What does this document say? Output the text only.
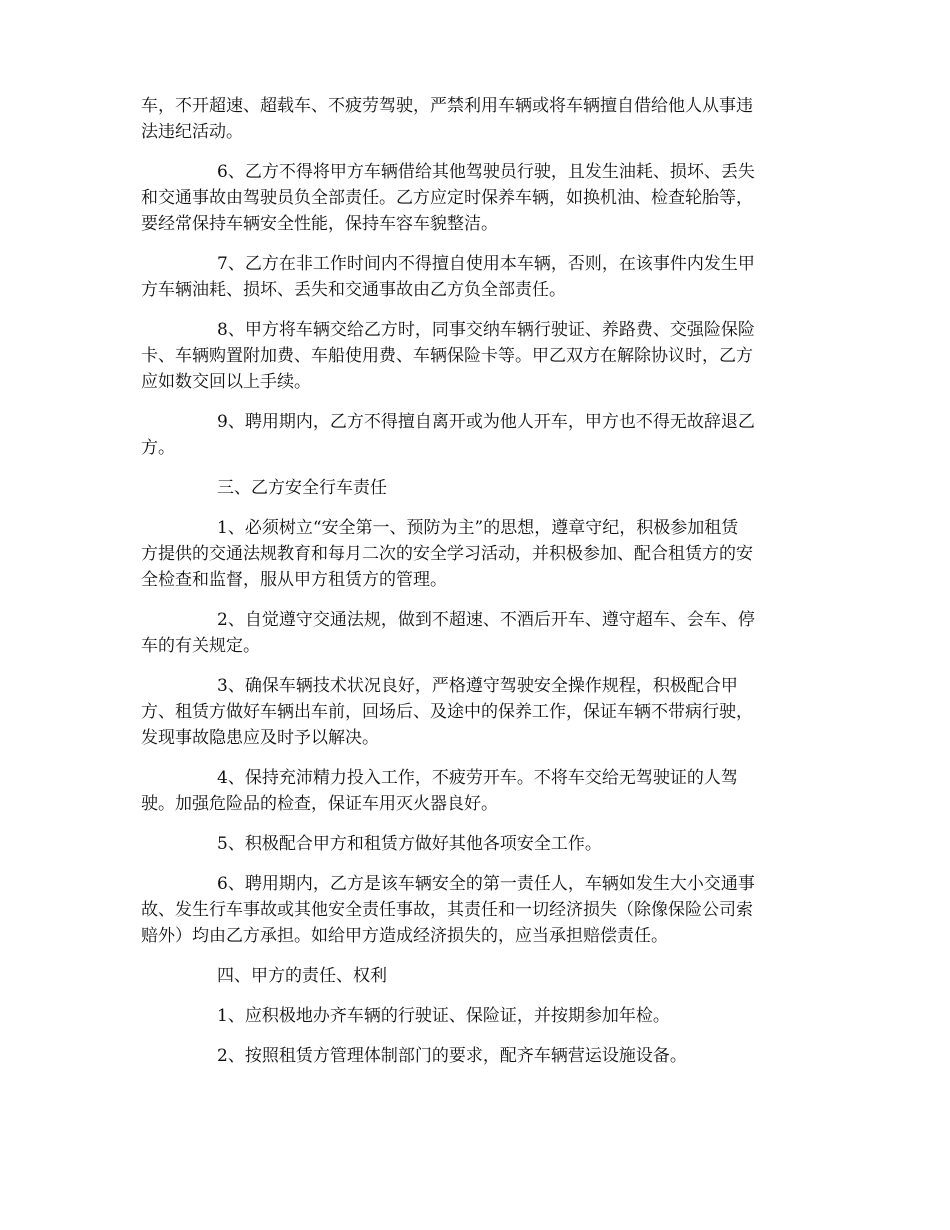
车，不开超速、超载车、不疲劳驾驶，严禁利用车辆或将车辆擅自借给他人从事违
法违纪活动。

6、乙方不得将甲方车辆借给其他驾驶员行驶，且发生油耗、损坏、丢失
和交通事故由驾驶员负全部责任。乙方应定时保养车辆，如换机油、检查轮胎等，
要经常保持车辆安全性能，保持车容车貌整洁。

7、乙方在非工作时间内不得擅自使用本车辆，否则，在该事件内发生甲
方车辆油耗、损坏、丢失和交通事故由乙方负全部责任。

8、甲方将车辆交给乙方时，同事交纳车辆行驶证、养路费、交强险保险
卡、车辆购置附加费、车船使用费、车辆保险卡等。甲乙双方在解除协议时，乙方
应如数交回以上手续。

9、聘用期内，乙方不得擅自离开或为他人开车，甲方也不得无故辞退乙
方。

三、乙方安全行车责任

1、必须树立“安全第一、预防为主”的思想，遵章守纪，积极参加租赁
方提供的交通法规教育和每月二次的安全学习活动，并积极参加、配合租赁方的安
全检查和监督，服从甲方租赁方的管理。

2、自觉遵守交通法规，做到不超速、不酒后开车、遵守超车、会车、停
车的有关规定。

3、确保车辆技术状况良好，严格遵守驾驶安全操作规程，积极配合甲
方、租赁方做好车辆出车前，回场后、及途中的保养工作，保证车辆不带病行驶，
发现事故隐患应及时予以解决。

4、保持充沛精力投入工作，不疲劳开车。不将车交给无驾驶证的人驾
驶。加强危险品的检查，保证车用灭火器良好。

5、积极配合甲方和租赁方做好其他各项安全工作。

6、聘用期内，乙方是该车辆安全的第一责任人，车辆如发生大小交通事
故、发生行车事故或其他安全责任事故，其责任和一切经济损失（除像保险公司索
赔外）均由乙方承担。如给甲方造成经济损失的，应当承担赔偿责任。

四、甲方的责任、权利

1、应积极地办齐车辆的行驶证、保险证，并按期参加年检。

2、按照租赁方管理体制部门的要求，配齐车辆营运设施设备。
